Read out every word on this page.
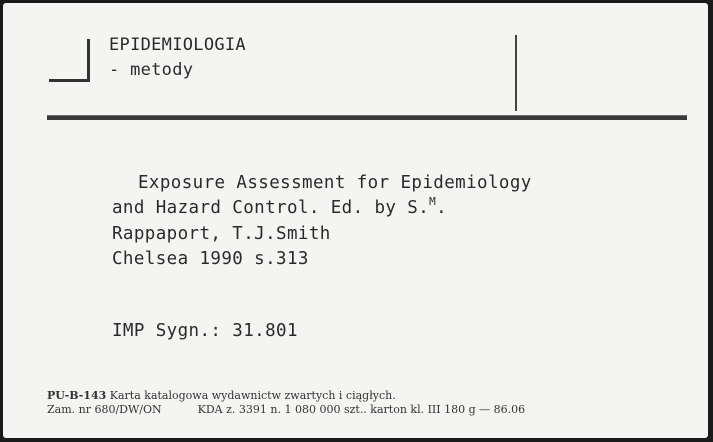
EPIDEMIOLOGIA
- metody
Exposure Assessment for Epidemiology
and Hazard Control. Ed. by S.$^M$.
Rappaport, T.J.Smith
Chelsea 1990 s.313
IMP Sygn.: 31.801
PU-B-143 Karta katalogowa wydawnictw zwartych i ciągłych.
Zam. nr 680/DW/ON	KDA z. 3391 n. 1 080 000 szt.. karton kl. III 180 g — 86.06
